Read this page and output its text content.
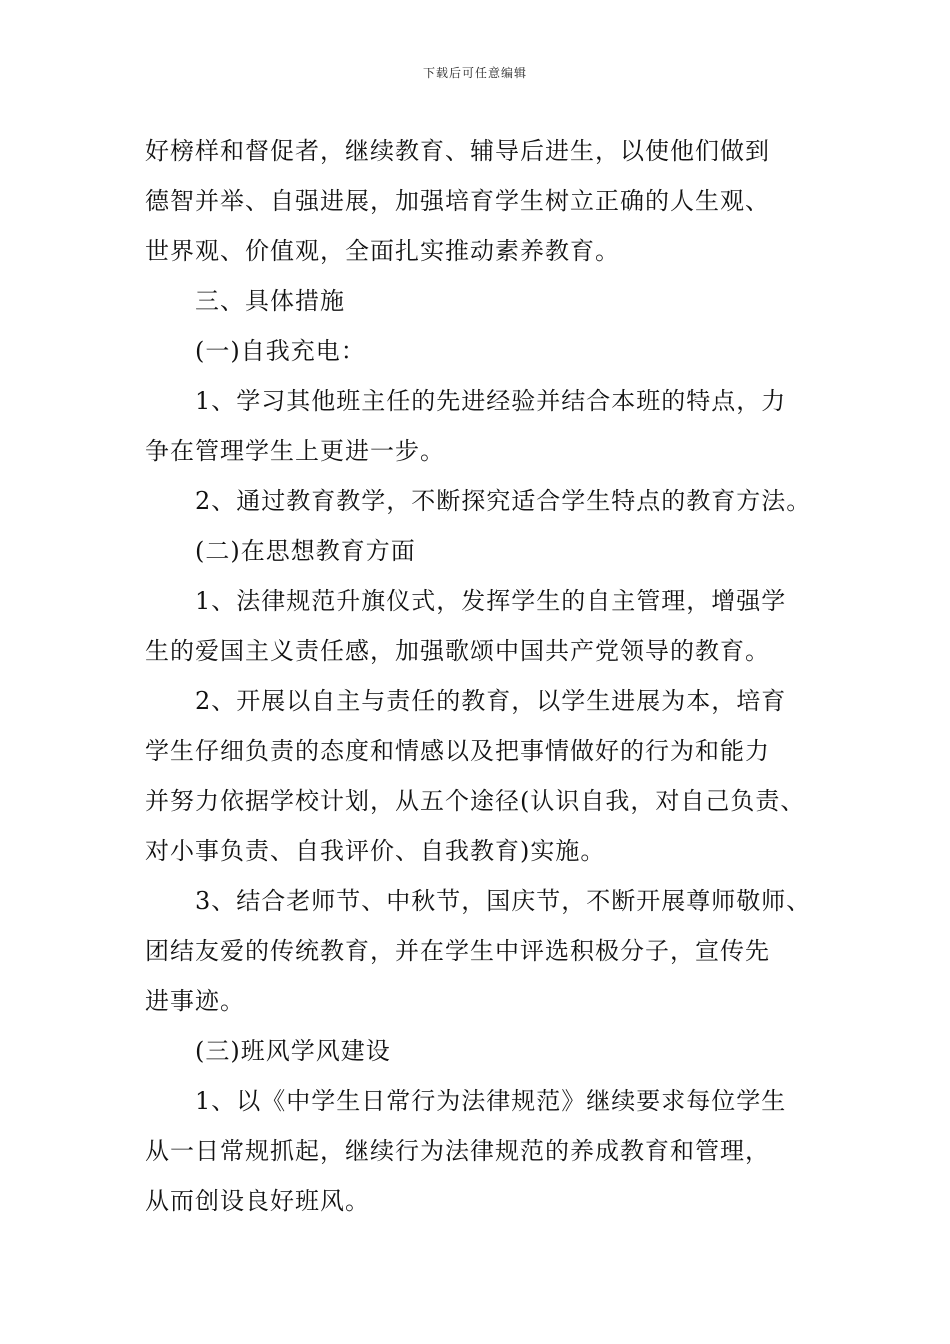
下载后可任意编辑
好榜样和督促者，继续教育、辅导后进生，以使他们做到
德智并举、自强进展，加强培育学生树立正确的人生观、
世界观、价值观，全面扎实推动素养教育。
三、具体措施
(一)自我充电：
1、学习其他班主任的先进经验并结合本班的特点，力
争在管理学生上更进一步。
2、通过教育教学，不断探究适合学生特点的教育方法。
(二)在思想教育方面
1、法律规范升旗仪式，发挥学生的自主管理，增强学
生的爱国主义责任感，加强歌颂中国共产党领导的教育。
2、开展以自主与责任的教育，以学生进展为本，培育
学生仔细负责的态度和情感以及把事情做好的行为和能力
并努力依据学校计划，从五个途径(认识自我，对自己负责、
对小事负责、自我评价、自我教育)实施。
3、结合老师节、中秋节，国庆节，不断开展尊师敬师、
团结友爱的传统教育，并在学生中评选积极分子，宣传先
进事迹。
(三)班风学风建设
1、以《中学生日常行为法律规范》继续要求每位学生
从一日常规抓起，继续行为法律规范的养成教育和管理，
从而创设良好班风。
